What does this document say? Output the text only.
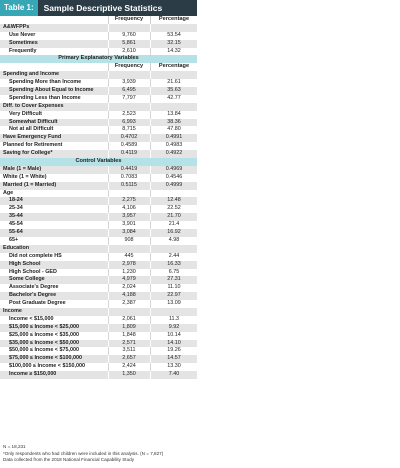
Table 1:	Sample Descriptive Statistics
Frequency	Percentage
A&WFPPs
Use Never	9,760	53.54
Sometimes	5,861	32.15
Frequently	2,610	14.32
Primary Explanatory Variables
Frequency	Percentage
Spending and Income
Spending More than Income	3,939	21.61
Spending About Equal to Income	6,495	35.63
Spending Less than Income	7,797	42.77
Diff. to Cover Expenses
Very Difficult	2,523	13.84
Somewhat Difficult	6,993	38.36
Not at all Difficult	8,715	47.80
Have Emergency Fund	0.4702	0.4991
Planned for Retirement	0.4589	0.4983
Saving for College*	0.4119	0.4922
Control Variables
Male (1 = Male)	0.4419	0.4969
White (1 = White)	0.7083	0.4546
Married (1 = Married)	0.5115	0.4999
Age
18-24	2,275	12.48
25-34	4,106	22.52
35-44	3,957	21.70
45-54	3,901	21.4
55-64	3,084	16.92
65+	908	4.98
Education
Did not complete HS	445	2.44
High School	2,978	16.33
High School - GED	1,230	6.75
Some College	4,979	27.31
Associate's Degree	2,024	11.10
Bachelor's Degree	4,188	22.97
Post Graduate Degree	2,387	13.09
Income
Income < $15,000	2,061	11.3
$15,000 ≤ Income < $25,000	1,809	9.92
$25,000 ≤ Income < $35,000	1,848	10.14
$35,000 ≤ Income < $50,000	2,571	14.10
$50,000 ≤ Income < $75,000	3,511	19.26
$75,000 ≤ Income < $100,000	2,657	14.57
$100,000 ≤ Income < $150,000	2,424	13.30
Income ≥ $150,000	1,350	7.40
N = 18,231
*Only respondents who had children were included in this analysis. (N = 7,827)
Data collected from the 2018 National Financial Capability Study
